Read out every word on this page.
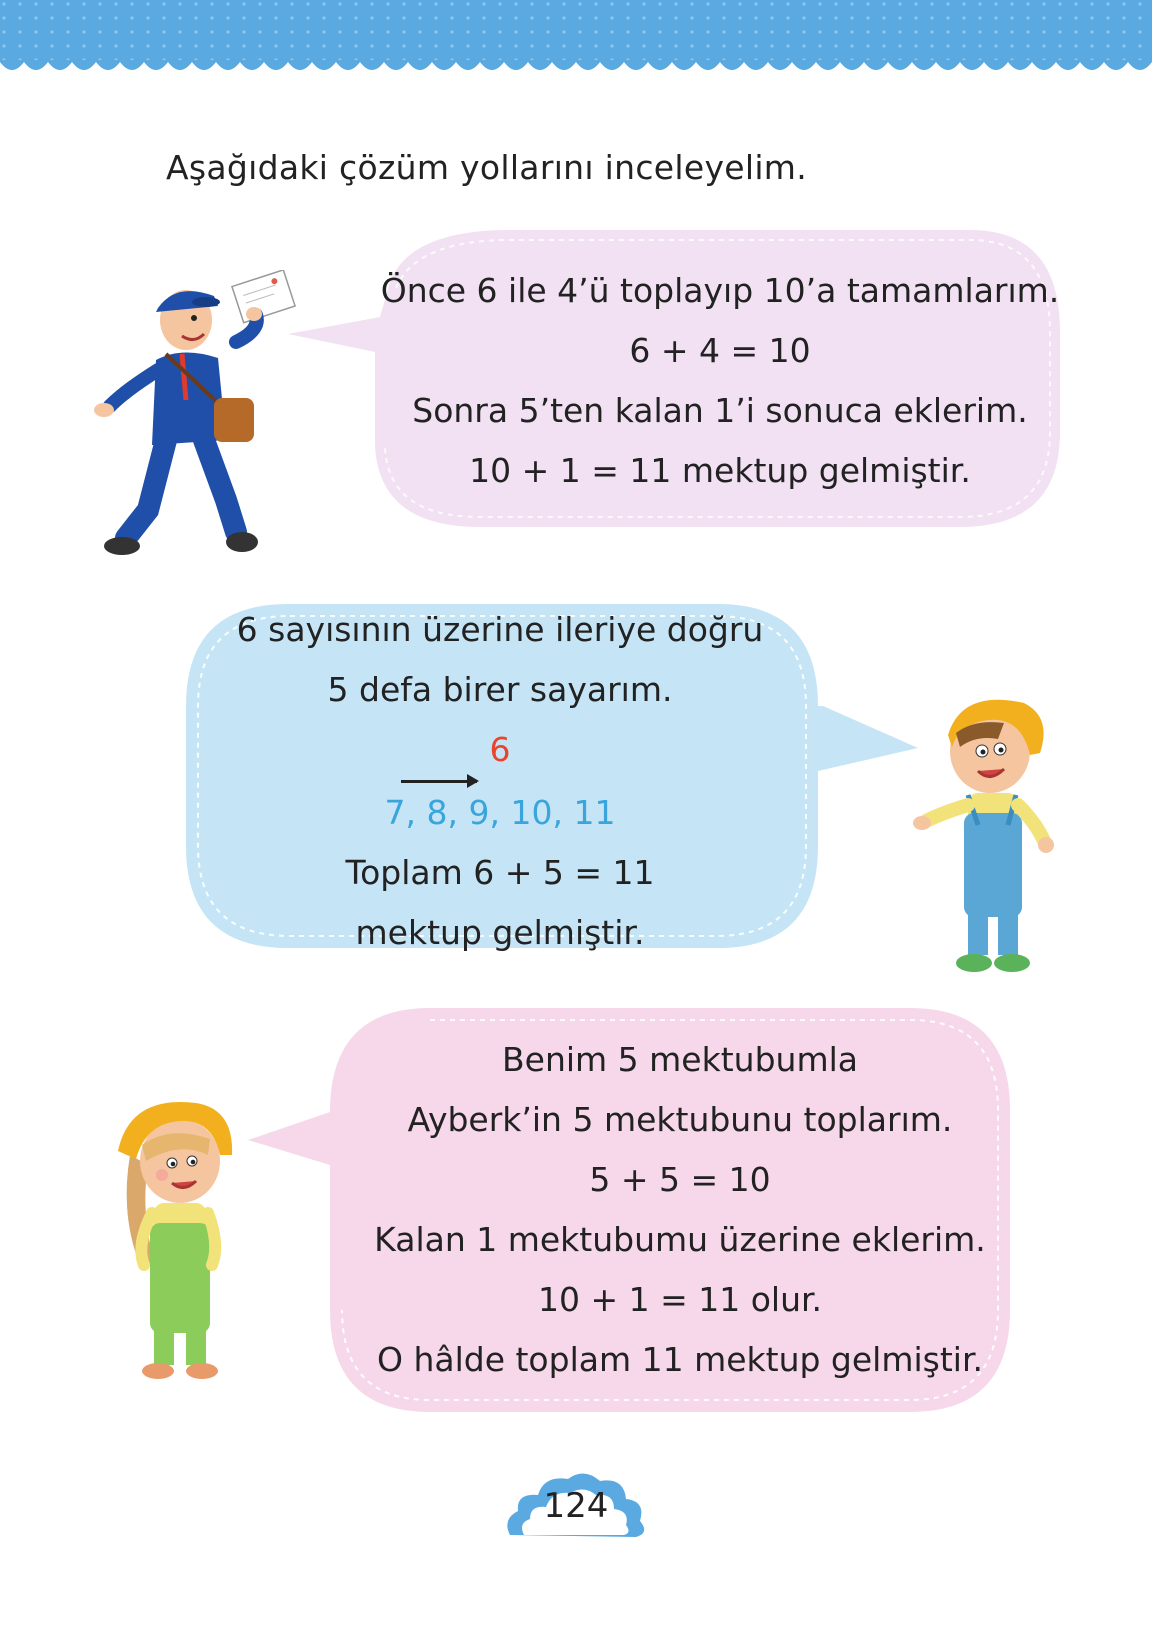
Aşağıdaki çözüm yollarını inceleyelim.
Önce 6 ile 4’ü toplayıp 10’a tamamlarım.
6 + 4 = 10
Sonra 5’ten kalan 1’i sonuca eklerim.
10 + 1 = 11 mektup gelmiştir.
6 sayısının üzerine ileriye doğru
5 defa birer sayarım.
6
7, 8, 9, 10, 11
Toplam 6 + 5 = 11
mektup gelmiştir.
Benim 5 mektubumla
Ayberk’in 5 mektubunu toplarım.
5 + 5 = 10
Kalan 1 mektubumu üzerine eklerim.
10 + 1 = 11 olur.
O hâlde toplam 11 mektup gelmiştir.
124
